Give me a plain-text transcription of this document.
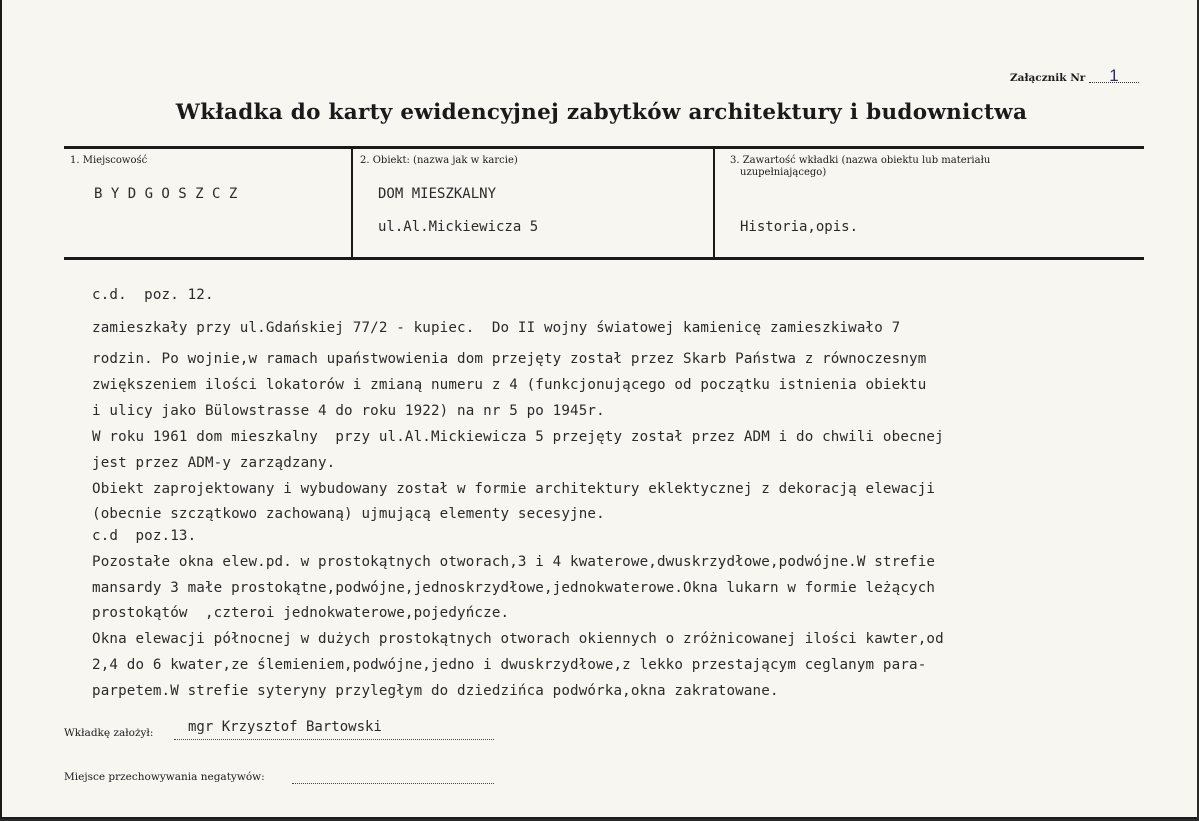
Załącznik Nr 1
Wkładka do karty ewidencyjnej zabytków architektury i budownictwa
1. Miejscowość
B Y D G O S Z C Z
2. Obiekt: (nazwa jak w karcie)
DOM MIESZKALNY
ul.Al.Mickiewicza 5
3. Zawartość wkładki (nazwa obiektu lub materiału
uzupełniającego)
Historia,opis.
c.d.  poz. 12.
zamieszkały przy ul.Gdańskiej 77/2 - kupiec.  Do II wojny światowej kamienicę zamieszkiwało 7
rodzin. Po wojnie,w ramach upaństwowienia dom przejęty został przez Skarb Państwa z równoczesnym
zwiększeniem ilości lokatorów i zmianą numeru z 4 (funkcjonującego od początku istnienia obiektu
i ulicy jako Bülowstrasse 4 do roku 1922) na nr 5 po 1945r.
W roku 1961 dom mieszkalny  przy ul.Al.Mickiewicza 5 przejęty został przez ADM i do chwili obecnej
jest przez ADM-y zarządzany.
Obiekt zaprojektowany i wybudowany został w formie architektury eklektycznej z dekoracją elewacji
(obecnie szczątkowo zachowaną) ujmującą elementy secesyjne.
c.d  poz.13.
Pozostałe okna elew.pd. w prostokątnych otworach,3 i 4 kwaterowe,dwuskrzydłowe,podwójne.W strefie
mansardy 3 małe prostokątne,podwójne,jednoskrzydłowe,jednokwaterowe.Okna lukarn w formie leżących
prostokątów  ,czteroi jednokwaterowe,pojedyńcze.
Okna elewacji północnej w dużych prostokątnych otworach okiennych o zróżnicowanej ilości kawter,od
2,4 do 6 kwater,ze ślemieniem,podwójne,jedno i dwuskrzydłowe,z lekko przestającym ceglanym para-
parpetem.W strefie syteryny przyległym do dziedzińca podwórka,okna zakratowane.
Wkładkę założył: mgr Krzysztof Bartowski
Miejsce przechowywania negatywów:
